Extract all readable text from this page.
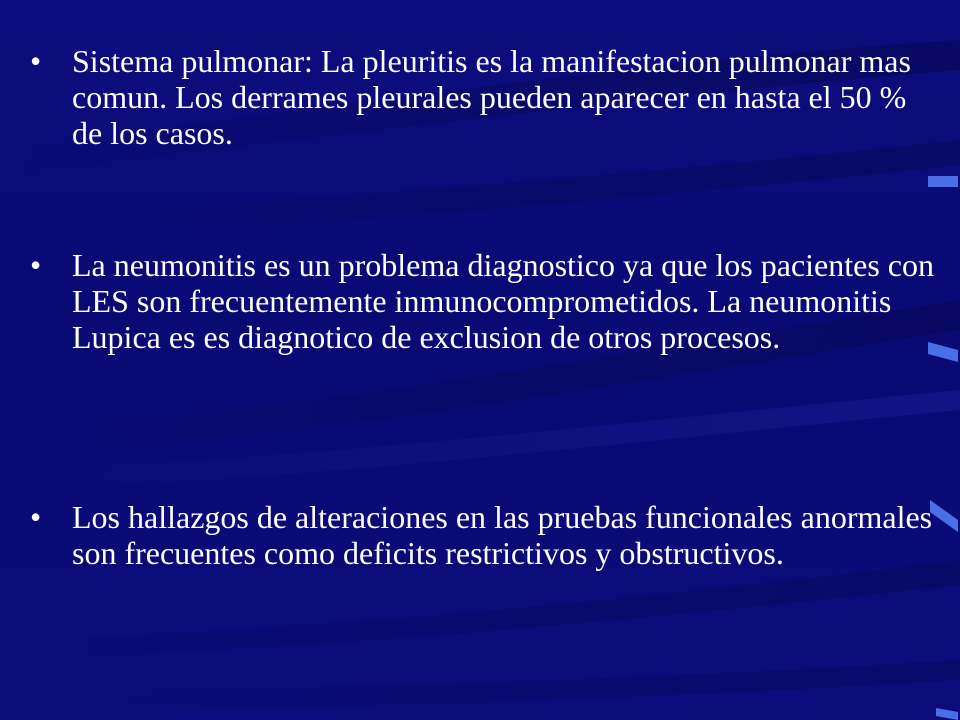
• Sistema pulmonar: La pleuritis es la manifestacion pulmonar mas comun. Los derrames pleurales pueden aparecer en hasta el 50 % de los casos.
• La neumonitis es un problema diagnostico ya que los pacientes con LES son frecuentemente inmunocomprometidos. La neumonitis Lupica es es diagnotico de exclusion de otros procesos.
• Los hallazgos de alteraciones en las pruebas funcionales anormales son frecuentes como deficits restrictivos y obstructivos.
